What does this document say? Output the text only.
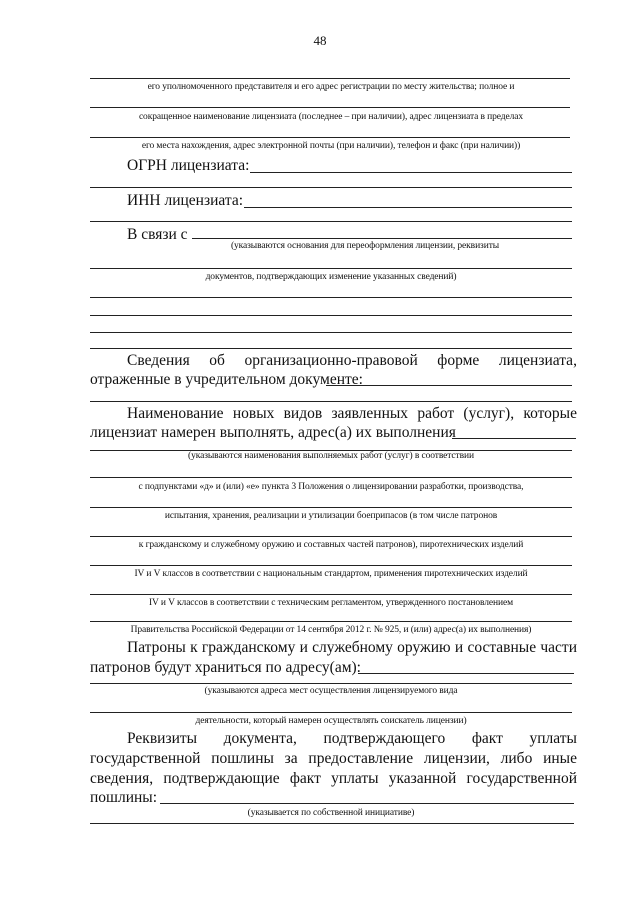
48
его уполномоченного представителя и его адрес регистрации по месту жительства; полное и
сокращенное наименование лицензиата (последнее – при наличии), адрес лицензиата в пределах
его места нахождения, адрес электронной почты (при наличии), телефон и факс (при наличии))
ОГРН лицензиата:
ИНН лицензиата:
В связи с
(указываются основания для переоформления лицензии, реквизиты
документов, подтверждающих изменение указанных сведений)
Сведения об организационно-правовой форме лицензиата,
отраженные в учредительном документе:
Наименование новых видов заявленных работ (услуг), которые
лицензиат намерен выполнять, адрес(а) их выполнения
(указываются наименования выполняемых работ (услуг) в соответствии
с подпунктами «д» и (или) «е» пункта 3 Положения о лицензировании разработки, производства,
испытания, хранения, реализации и утилизации боеприпасов (в том числе патронов
к гражданскому и служебному оружию и составных частей патронов), пиротехнических изделий
IV и V классов в соответствии с национальным стандартом, применения пиротехнических изделий
IV и V классов в соответствии с техническим регламентом, утвержденного постановлением
Правительства Российской Федерации от 14 сентября 2012 г. № 925, и (или) адрес(а) их выполнения)
Патроны к гражданскому и служебному оружию и составные части
патронов будут храниться по адресу(ам):
(указываются адреса мест осуществления лицензируемого вида
деятельности, который намерен осуществлять соискатель лицензии)
Реквизиты документа, подтверждающего факт уплаты
государственной пошлины за предоставление лицензии, либо иные
сведения, подтверждающие факт уплаты указанной государственной
пошлины:
(указывается по собственной инициативе)
